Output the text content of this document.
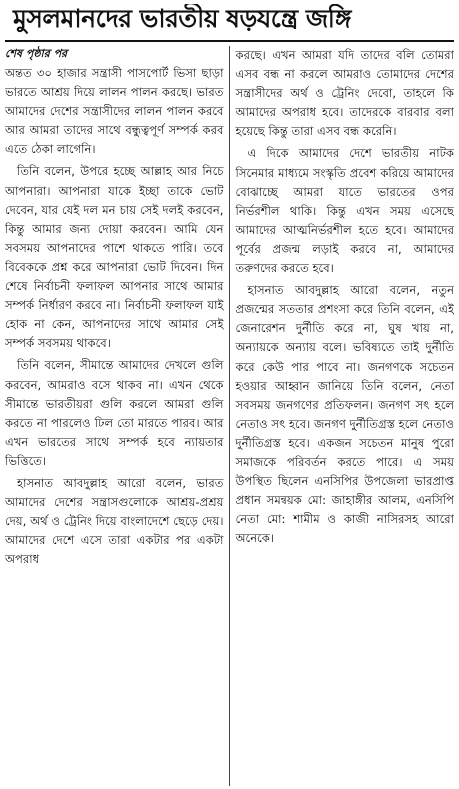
মুসলমানদের ভারতীয় ষড়যন্ত্রে জঙ্গি
শেষ পৃষ্ঠার পর

অন্তত ৩০ হাজার সন্ত্রাসী পাসপোর্ট ভিসা ছাড়া ভারতে আশ্রয় দিয়ে লালন পালন করছে। ভারত আমাদের দেশের সন্ত্রাসীদের লালন পালন করবে আর আমরা তাদের সাথে বন্ধুত্বপূর্ণ সম্পর্ক করব এতে ঠেকা লাগেনি।

তিনি বলেন, উপরে হচ্ছে আল্লাহ আর নিচে আপনারা। আপনারা যাকে ইচ্ছা তাকে ভোট দেবেন, যার যেই দল মন চায় সেই দলই করবেন, কিন্তু আমার জন্য দোয়া করবেন। আমি যেন সবসময় আপনাদের পাশে থাকতে পারি। তবে বিবেককে প্রশ্ন করে আপনারা ভোট দিবেন। দিন শেষে নির্বাচনী ফলাফল আপনার সাথে আমার সম্পর্ক নির্ধারণ করবে না। নির্বাচনী ফলাফল যাই হোক না কেন, আপনাদের সাথে আমার সেই সম্পর্ক সবসময় থাকবে।

তিনি বলেন, সীমান্তে আমাদের দেখলে গুলি করবেন, আমরাও বসে থাকব না। এখন থেকে সীমান্তে ভারতীয়রা গুলি করলে আমরা গুলি করতে না পারলেও ঢিল তো মারতে পারব। আর এখন ভারতের সাথে সম্পর্ক হবে ন্যায়তার ভিত্তিতে।

হাসনাত আবদুল্লাহ আরো বলেন, ভারত আমাদের দেশের সন্ত্রাসগুলোকে আশ্রয়-প্রশ্রয় দেয়, অর্থ ও ট্রেনিং দিয়ে বাংলাদেশে ছেড়ে দেয়। আমাদের দেশে এসে তারা একটার পর একটা অপরাধ

করছে। এখন আমরা যদি তাদের বলি তোমরা এসব বন্ধ না করলে আমরাও তোমাদের দেশের সন্ত্রাসীদের অর্থ ও ট্রেনিং দেবো, তাহলে কি আমাদের অপরাধ হবে। তাদেরকে বারবার বলা হয়েছে কিন্তু তারা এসব বন্ধ করেনি।

এ দিকে আমাদের দেশে ভারতীয় নাটক সিনেমার মাধ্যমে সংস্কৃতি প্রবেশ করিয়ে আমাদের বোঝাচ্ছে আমরা যাতে ভারতের ওপর নির্ভরশীল থাকি। কিন্তু এখন সময় এসেছে আমাদের আত্মনির্ভরশীল হতে হবে। আমাদের পূর্বের প্রজন্ম লড়াই করবে না, আমাদের তরুণদের করতে হবে।

হাসনাত আবদুল্লাহ আরো বলেন, নতুন প্রজন্মের সততার প্রশংসা করে তিনি বলেন, এই জেনারেশন দুর্নীতি করে না, ঘুষ খায় না, অন্যায়কে অন্যায় বলে। ভবিষ্যতে তাই দুর্নীতি করে কেউ পার পাবে না। জনগণকে সচেতন হওয়ার আহ্বান জানিয়ে তিনি বলেন, নেতা সবসময় জনগণের প্রতিফলন। জনগণ সৎ হলে নেতাও সৎ হবে। জনগণ দুর্নীতিগ্রস্ত হলে নেতাও দুর্নীতিগ্রস্ত হবে। একজন সচেতন মানুষ পুরো সমাজকে পরিবর্তন করতে পারে। এ সময় উপস্থিত ছিলেন এনসিপির উপজেলা ভারপ্রাপ্ত প্রধান সমন্বয়ক মো: জাহাঙ্গীর আলম, এনসিপি নেতা মো: শামীম ও কাজী নাসিরসহ আরো অনেকে।
